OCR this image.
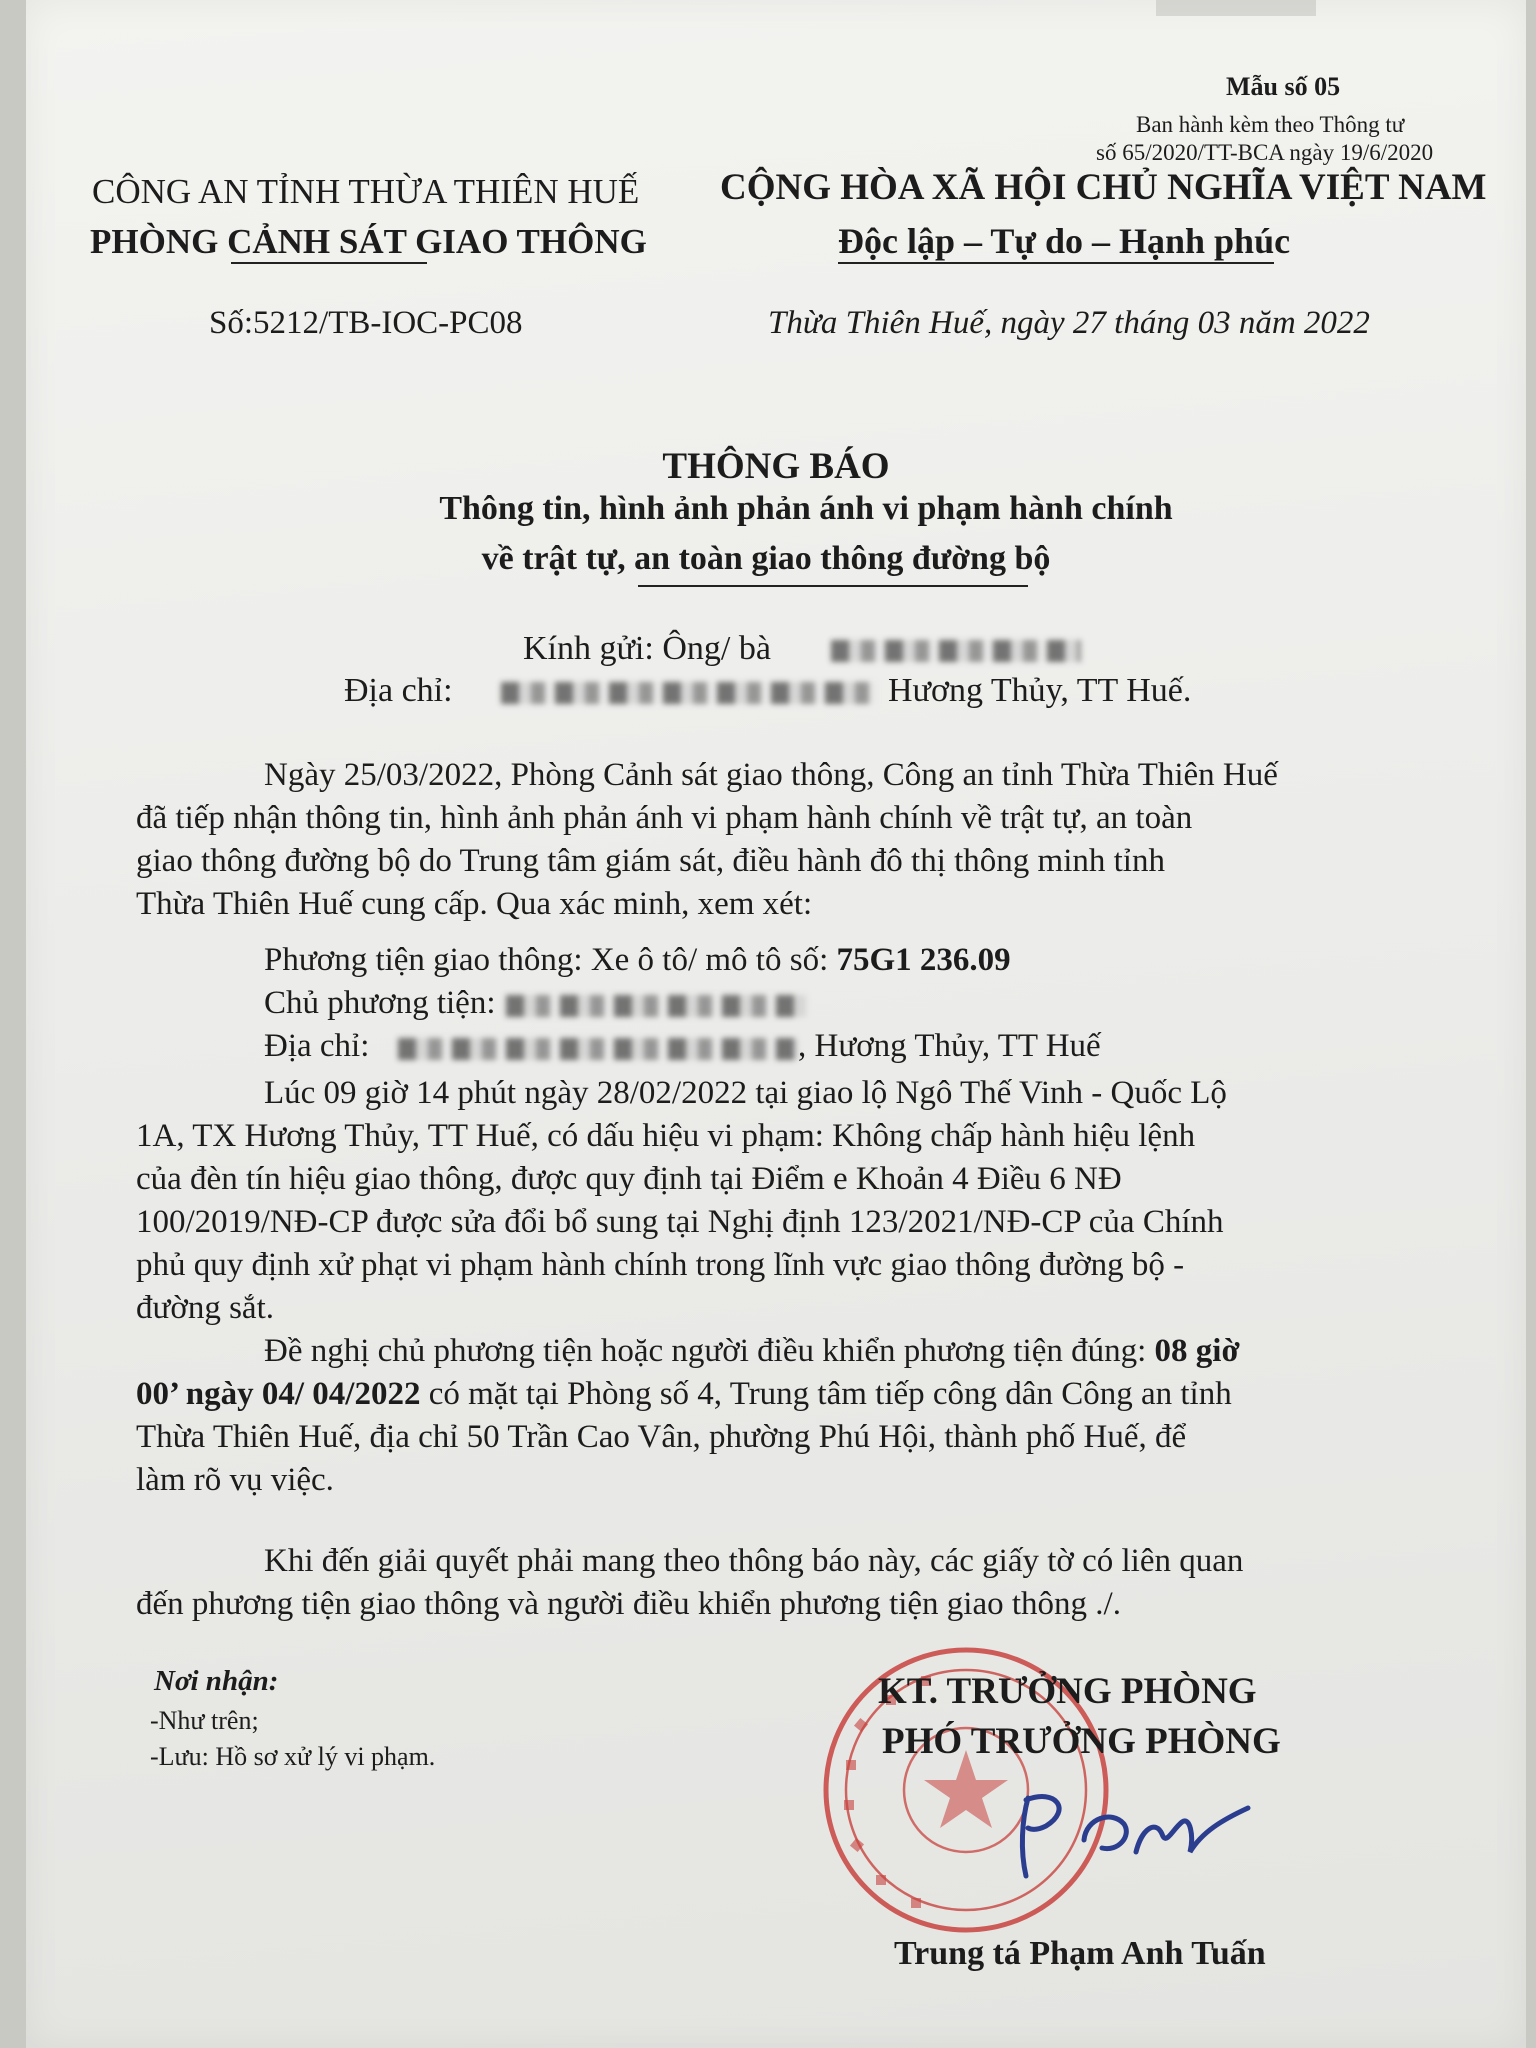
Mẫu số 05
Ban hành kèm theo Thông tư
số 65/2020/TT-BCA ngày 19/6/2020
CÔNG AN TỈNH THỪA THIÊN HUẾ
PHÒNG CẢNH SÁT GIAO THÔNG
CỘNG HÒA XÃ HỘI CHỦ NGHĨA VIỆT NAM
Độc lập – Tự do – Hạnh phúc
Số:5212/TB-IOC-PC08	Thừa Thiên Huế, ngày 27 tháng 03 năm 2022
THÔNG BÁO
Thông tin, hình ảnh phản ánh vi phạm hành chính
về trật tự, an toàn giao thông đường bộ
Kính gửi: Ông/ bà
Địa chỉ:	Hương Thủy, TT Huế.
Ngày 25/03/2022, Phòng Cảnh sát giao thông, Công an tỉnh Thừa Thiên Huế
đã tiếp nhận thông tin, hình ảnh phản ánh vi phạm hành chính về trật tự, an toàn
giao thông đường bộ do Trung tâm giám sát, điều hành đô thị thông minh tỉnh
Thừa Thiên Huế cung cấp. Qua xác minh, xem xét:
Phương tiện giao thông: Xe ô tô/ mô tô số: 75G1 236.09
Chủ phương tiện:
Địa chỉ:	, Hương Thủy, TT Huế
Lúc 09 giờ 14 phút ngày 28/02/2022 tại giao lộ Ngô Thế Vinh - Quốc Lộ
1A, TX Hương Thủy, TT Huế, có dấu hiệu vi phạm: Không chấp hành hiệu lệnh
của đèn tín hiệu giao thông, được quy định tại Điểm e Khoản 4 Điều 6 NĐ
100/2019/NĐ-CP được sửa đổi bổ sung tại Nghị định 123/2021/NĐ-CP của Chính
phủ quy định xử phạt vi phạm hành chính trong lĩnh vực giao thông đường bộ -
đường sắt.
Đề nghị chủ phương tiện hoặc người điều khiển phương tiện đúng: 08 giờ
00’ ngày 04/ 04/2022 có mặt tại Phòng số 4, Trung tâm tiếp công dân Công an tỉnh
Thừa Thiên Huế, địa chỉ 50 Trần Cao Vân, phường Phú Hội, thành phố Huế, để
làm rõ vụ việc.
Khi đến giải quyết phải mang theo thông báo này, các giấy tờ có liên quan
đến phương tiện giao thông và người điều khiển phương tiện giao thông ./.
Nơi nhận:
-Như trên;
-Lưu: Hồ sơ xử lý vi phạm.
KT. TRƯỞNG PHÒNG
PHÓ TRƯỞNG PHÒNG
Trung tá Phạm Anh Tuấn
